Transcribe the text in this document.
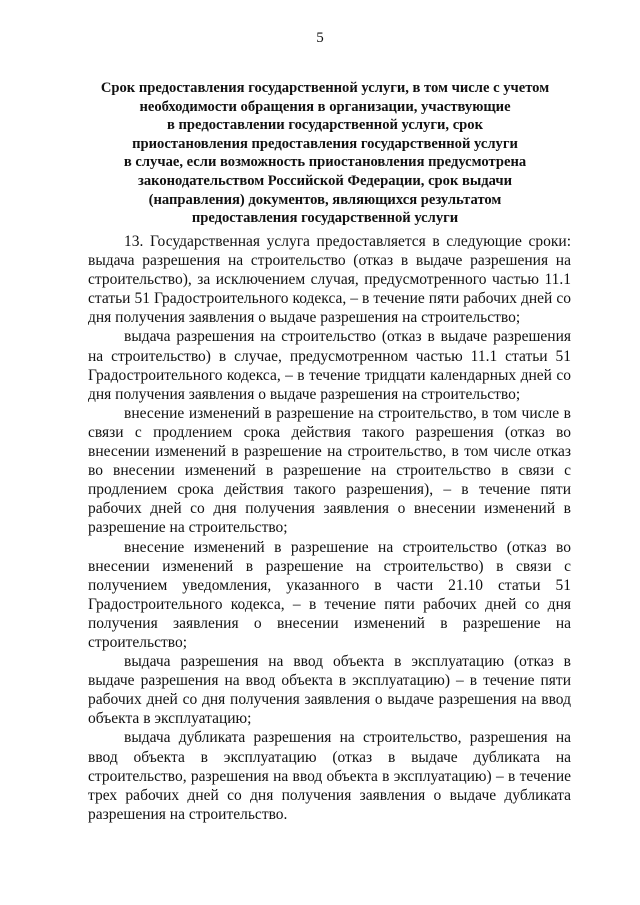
5
Срок предоставления государственной услуги, в том числе с учетом
необходимости обращения в организации, участвующие
в предоставлении государственной услуги, срок
приостановления предоставления государственной услуги
в случае, если возможность приостановления предусмотрена
законодательством Российской Федерации, срок выдачи
(направления) документов, являющихся результатом
предоставления государственной услуги

13. Государственная услуга предоставляется в следующие сроки: выдача разрешения на строительство (отказ в выдаче разрешения на строительство), за исключением случая, предусмотренного частью 11.1 статьи 51 Градостроительного кодекса, – в течение пяти рабочих дней со дня получения заявления о выдаче разрешения на строительство;

выдача разрешения на строительство (отказ в выдаче разрешения на строительство) в случае, предусмотренном частью 11.1 статьи 51 Градостроительного кодекса, – в течение тридцати календарных дней со дня получения заявления о выдаче разрешения на строительство;

внесение изменений в разрешение на строительство, в том числе в связи с продлением срока действия такого разрешения (отказ во внесении изменений в разрешение на строительство, в том числе отказ во внесении изменений в разрешение на строительство в связи с продлением срока действия такого разрешения), – в течение пяти рабочих дней со дня получения заявления о внесении изменений в разрешение на строительство;

внесение изменений в разрешение на строительство (отказ во внесении изменений в разрешение на строительство) в связи с получением уведомления, указанного в части 21.10 статьи 51 Градостроительного кодекса, – в течение пяти рабочих дней со дня получения заявления о внесении изменений в разрешение на строительство;

выдача разрешения на ввод объекта в эксплуатацию (отказ в выдаче разрешения на ввод объекта в эксплуатацию) – в течение пяти рабочих дней со дня получения заявления о выдаче разрешения на ввод объекта в эксплуатацию;

выдача дубликата разрешения на строительство, разрешения на ввод объекта в эксплуатацию (отказ в выдаче дубликата на строительство, разрешения на ввод объекта в эксплуатацию) – в течение трех рабочих дней со дня получения заявления о выдаче дубликата разрешения на строительство.
